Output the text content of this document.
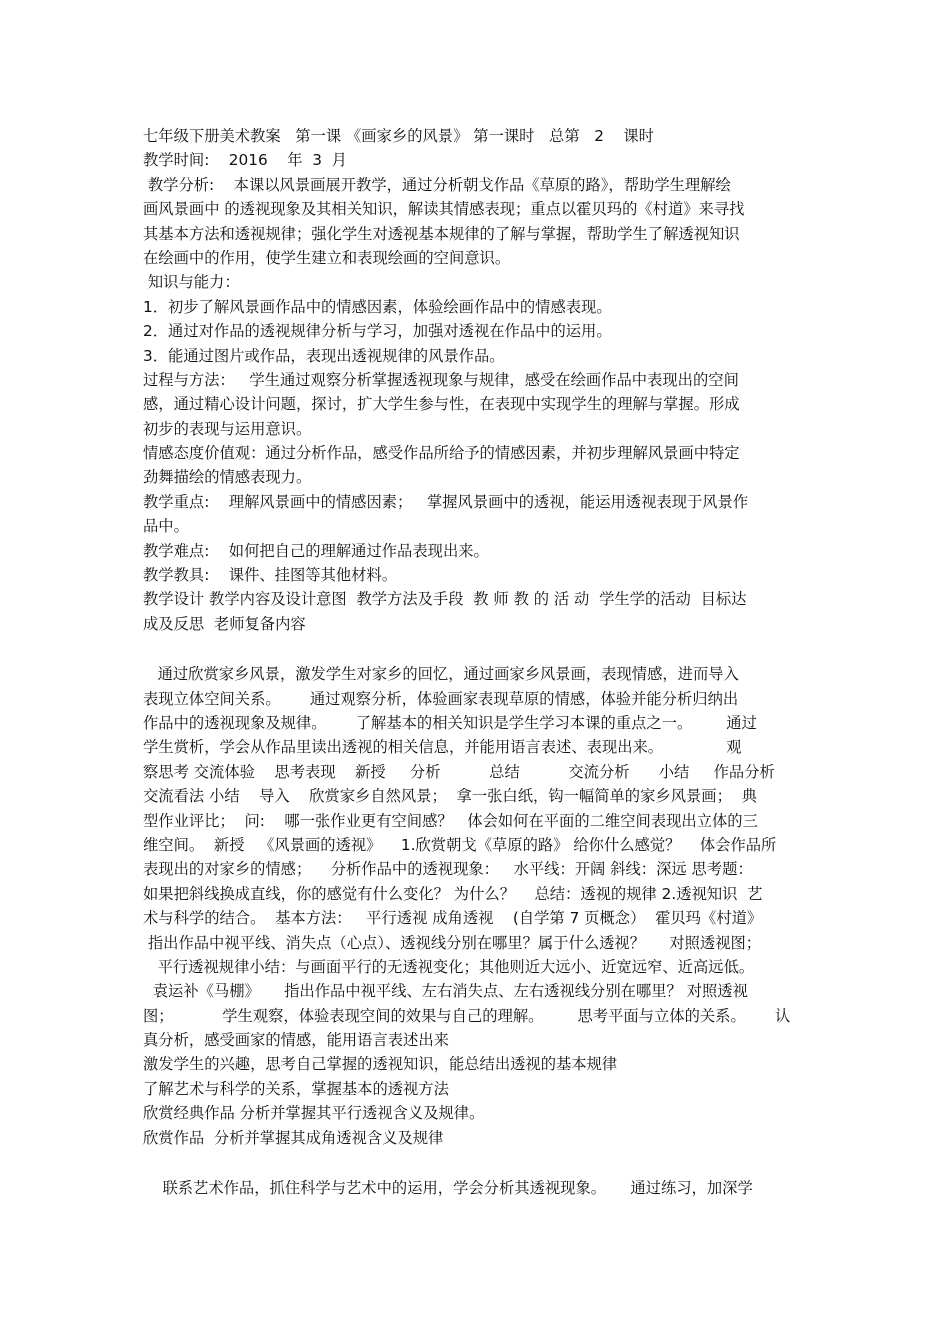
七年级下册美术教案   第一课 《画家乡的风景》 第一课时   总第   2    课时
教学时间:    2016    年  3  月
教学分析:    本课以风景画展开教学，通过分析朝戈作品《草原的路》，帮助学生理解绘
画风景画中 的透视现象及其相关知识，解读其情感表现；重点以霍贝玛的《村道》来寻找
其基本方法和透视规律；强化学生对透视基本规律的了解与掌握，帮助学生了解透视知识
在绘画中的作用，使学生建立和表现绘画的空间意识。
知识与能力：
1．初步了解风景画作品中的情感因素，体验绘画作品中的情感表现。
2．通过对作品的透视规律分析与学习，加强对透视在作品中的运用。
3．能通过图片或作品，表现出透视规律的风景作品。
过程与方法：   学生通过观察分析掌握透视现象与规律，感受在绘画作品中表现出的空间
感，通过精心设计问题，探讨，扩大学生参与性，在表现中实现学生的理解与掌握。形成
初步的表现与运用意识。
情感态度价值观：通过分析作品，感受作品所给予的情感因素，并初步理解风景画中特定
劲舞描绘的情感表现力。
教学重点:    理解风景画中的情感因素；   掌握风景画中的透视，能运用透视表现于风景作
品中。
教学难点:    如何把自己的理解通过作品表现出来。
教学教具:    课件、挂图等其他材料。
教学设计 教学内容及设计意图  教学方法及手段  教 师 教 的 活 动  学生学的活动  目标达
成及反思  老师复备内容
通过欣赏家乡风景，激发学生对家乡的回忆，通过画家乡风景画，表现情感，进而导入
表现立体空间关系。      通过观察分析，体验画家表现草原的情感，体验并能分析归纳出
作品中的透视现象及规律。      了解基本的相关知识是学生学习本课的重点之一。       通过
学生赏析，学会从作品里读出透视的相关信息，并能用语言表述、表现出来。             观
察思考 交流体验    思考表现    新授     分析          总结          交流分析      小结     作品分析
交流看法 小结    导入    欣赏家乡自然风景；  拿一张白纸，钩一幅简单的家乡风景画；  典
型作业评比；  问:    哪一张作业更有空间感？   体会如何在平面的二维空间表现出立体的三
维空间。  新授   《风景画的透视》    1.欣赏朝戈《草原的路》 给你什么感觉？    体会作品所
表现出的对家乡的情感；    分析作品中的透视现象：   水平线：开阔 斜线：深远 思考题：
如果把斜线换成直线，你的感觉有什么变化？ 为什么？    总结：透视的规律 2.透视知识  艺
术与科学的结合。  基本方法：   平行透视 成角透视    (自学第 7 页概念）  霍贝玛《村道》
指出作品中视平线、消失点（心点）、透视线分别在哪里？属于什么透视？     对照透视图；
平行透视规律小结：与画面平行的无透视变化；其他则近大远小、近宽远窄、近高远低。
袁运补《马棚》     指出作品中视平线、左右消失点、左右透视线分别在哪里？ 对照透视
图；          学生观察，体验表现空间的效果与自己的理解。       思考平面与立体的关系。      认
真分析，感受画家的情感，能用语言表述出来
激发学生的兴趣，思考自己掌握的透视知识，能总结出透视的基本规律
了解艺术与科学的关系，掌握基本的透视方法
欣赏经典作品 分析并掌握其平行透视含义及规律。
欣赏作品  分析并掌握其成角透视含义及规律
联系艺术作品，抓住科学与艺术中的运用，学会分析其透视现象。     通过练习，加深学
